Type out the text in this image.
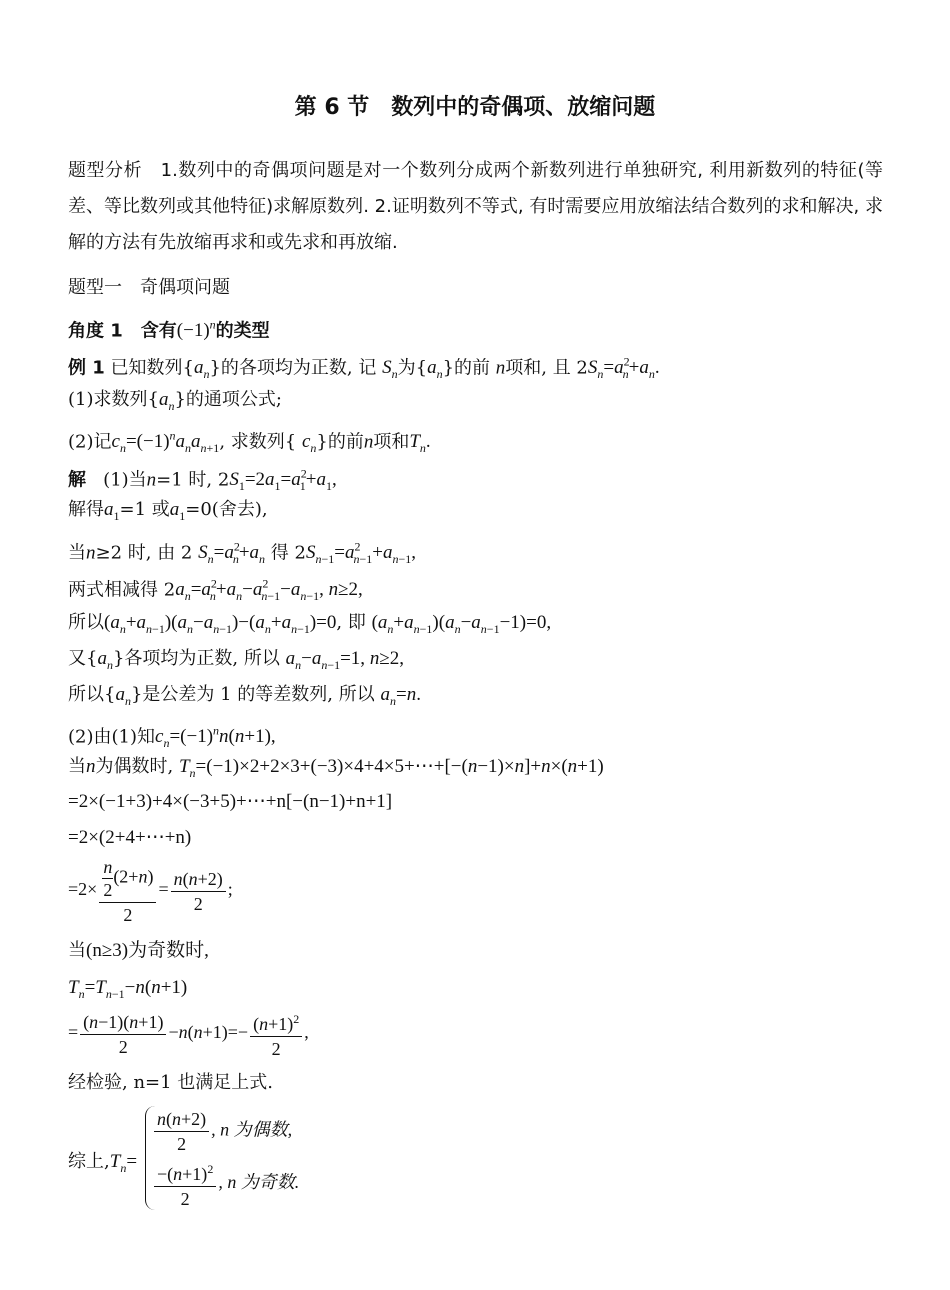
第 6 节　数列中的奇偶项、放缩问题
题型分析　1.数列中的奇偶项问题是对一个数列分成两个新数列进行单独研究, 利用新数列的特征(等差、等比数列或其他特征)求解原数列. 2.证明数列不等式, 有时需要应用放缩法结合数列的求和解决, 求解的方法有先放缩再求和或先求和再放缩.
题型一　奇偶项问题
角度 1　含有$(-1)^n$的类型
例 1 已知数列$\{a_n\}$的各项均为正数, 记 $S_n$为$\{a_n\}$的前 n项和, 且 $2S_n=a^2_n+a_n$.
(1)求数列$\{a_n\}$的通项公式;
(2)记$c_n=(-1)^na_na_{n+1}$, 求数列{ $c_n$}的前n项和$T_n$.
解 (1)当n=1 时, $2S_1=2a_1=a^2_1+a_1$,
解得$a_1=1$ 或$a_1=0$(舍去),
当n≥2 时, 由 2 $S_n=a^2_n+a_n$ 得 $2S_{n-1}=a^2_{n-1}+a_{n-1}$,
两式相减得 $2a_n=a^2_n+a_n-a^2_{n-1}-a_{n-1}$, n≥2,
所以$(a_n+a_{n-1})(a_n-a_{n-1})-(a_n+a_{n-1})=0$, 即 $(a_n+a_{n-1})(a_n-a_{n-1}-1)=0$,
又$\{a_n\}$各项均为正数, 所以 $a_n-a_{n-1}=1$, n≥2,
所以$\{a_n\}$是公差为 1 的等差数列, 所以 $a_n=n$.
(2)由(1)知$c_n=(-1)^nn(n+1)$,
当n为偶数时, $T_n=(-1)\times 2+2\times 3+(-3)\times 4+4\times 5+\cdots+[-(n-1)\times n]+n\times(n+1)$
=2×(−1+3)+4×(−3+5)+⋯+n[−(n−1)+n+1]
=2×(2+4+⋯+n)
$=2\times \frac{\frac{n}{2} (2+n)}{2} = \frac{n(n+2)}{2}$ ;
当(n≥3)为奇数时,
$T_n=T_{n-1}-n(n+1)$
= $\frac{(n-1)(n+1)}{2} -n(n+1)=- \frac{(n+1)^2}{2}$ ,
经检验, n=1 也满足上式.
综上$,T_n=$
$\frac{n(n+2)}{2}$ , n 为偶数,
$\frac{-(n+1)^2}{2}$ , n 为奇数.
